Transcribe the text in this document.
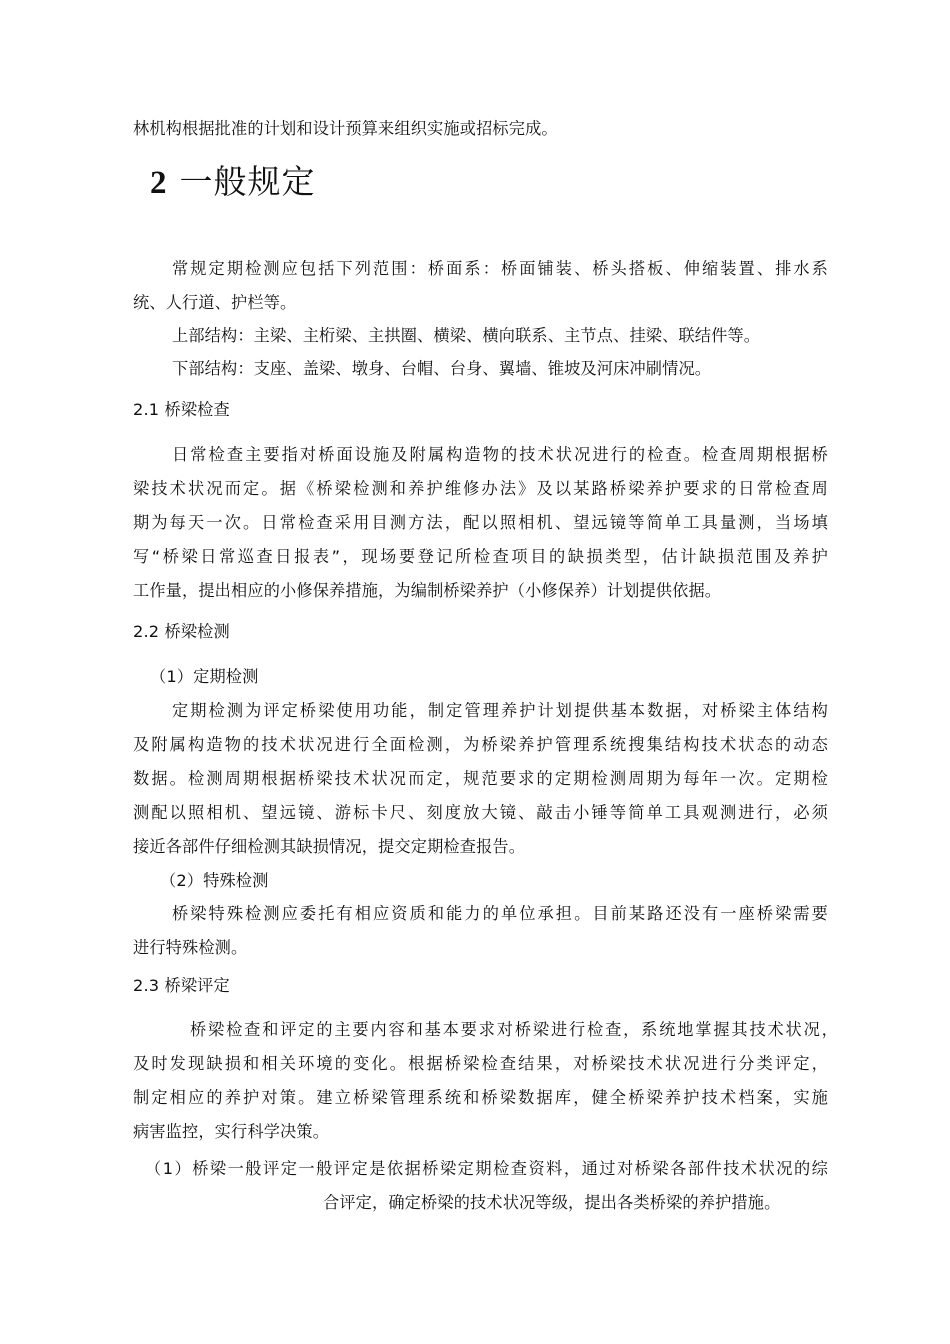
林机构根据批准的计划和设计预算来组织实施或招标完成。
2 一般规定
常规定期检测应包括下列范围：桥面系：桥面铺装、桥头搭板、伸缩装置、排水系
统、人行道、护栏等。
上部结构：主梁、主桁梁、主拱圈、横梁、横向联系、主节点、挂梁、联结件等。
下部结构：支座、盖梁、墩身、台帽、台身、翼墙、锥坡及河床冲刷情况。
2.1 桥梁检查
日常检查主要指对桥面设施及附属构造物的技术状况进行的检查。检查周期根据桥
梁技术状况而定。据《桥梁检测和养护维修办法》及以某路桥梁养护要求的日常检查周
期为每天一次。日常检查采用目测方法，配以照相机、望远镜等简单工具量测，当场填
写“桥梁日常巡查日报表”，现场要登记所检查项目的缺损类型，估计缺损范围及养护
工作量，提出相应的小修保养措施，为编制桥梁养护（小修保养）计划提供依据。
2.2 桥梁检测
（1）定期检测
定期检测为评定桥梁使用功能，制定管理养护计划提供基本数据，对桥梁主体结构
及附属构造物的技术状况进行全面检测，为桥梁养护管理系统搜集结构技术状态的动态
数据。检测周期根据桥梁技术状况而定，规范要求的定期检测周期为每年一次。定期检
测配以照相机、望远镜、游标卡尺、刻度放大镜、敲击小锤等简单工具观测进行，必须
接近各部件仔细检测其缺损情况，提交定期检查报告。
（2）特殊检测
桥梁特殊检测应委托有相应资质和能力的单位承担。目前某路还没有一座桥梁需要
进行特殊检测。
2.3 桥梁评定
桥梁检查和评定的主要内容和基本要求对桥梁进行检查，系统地掌握其技术状况，
及时发现缺损和相关环境的变化。根据桥梁检查结果，对桥梁技术状况进行分类评定，
制定相应的养护对策。建立桥梁管理系统和桥梁数据库，健全桥梁养护技术档案，实施
病害监控，实行科学决策。
（1）桥梁一般评定一般评定是依据桥梁定期检查资料，通过对桥梁各部件技术状况的综
合评定，确定桥梁的技术状况等级，提出各类桥梁的养护措施。
